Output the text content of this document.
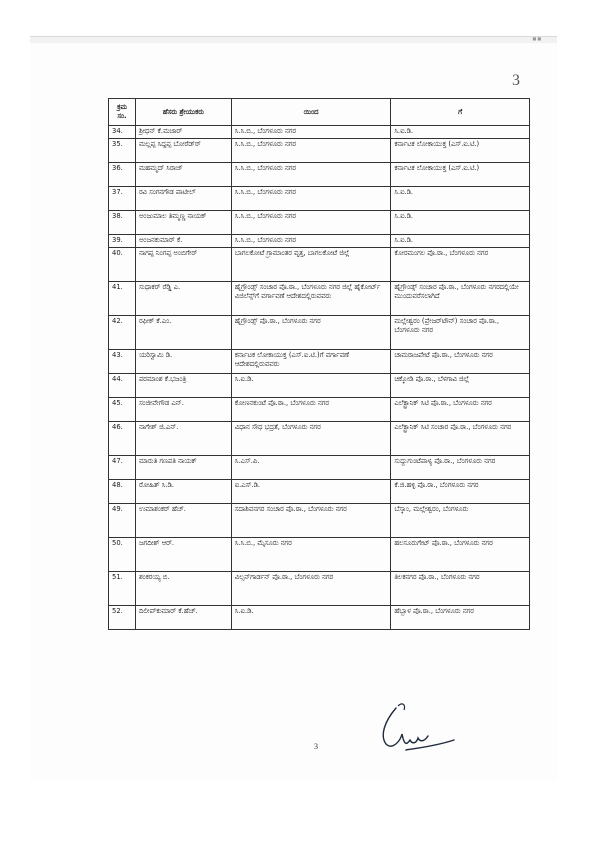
▪▪
3
ಕ್ರಮ ಸಂ.	ಹೆಸರು ಶ್ರೇಯುಕರು	ಯಿಂದ	ಗೆ
34.	ಶ್ರೀಧನ್ ಕೆ.ಮಜಾರ್	ಸಿ.ಸಿ.ಬಿ., ಬೆಂಗಳೂರು ನಗರ	ಸಿ.ಐ.ಡಿ.
35.	ಮಲ್ಲಪ್ಪ ಸಿದ್ದಪ್ಪ ಬೋರೆಡ್‌ರ್	ಸಿ.ಸಿ.ಬಿ., ಬೆಂಗಳೂರು ನಗರ	ಕರ್ನಾಟಕ ಲೋಕಾಯುಕ್ತ (ಎಸ್.ಐ.ಟಿ.)
36.	ಮಹಮ್ಮದ್ ಸಿರಾಜ್	ಸಿ.ಸಿ.ಬಿ., ಬೆಂಗಳೂರು ನಗರ	ಕರ್ನಾಟಕ ಲೋಕಾಯುಕ್ತ (ಎಸ್.ಐ.ಟಿ.)
37.	ರವಿ ಸಂಗನಗೌಡ ಪಾಟೀಲ್	ಸಿ.ಸಿ.ಬಿ., ಬೆಂಗಳೂರು ನಗರ	ಸಿ.ಐ.ಡಿ.
38.	ಅಂಜುಮಾಲ ತಿಮ್ಮಣ್ಣ ನಾಯಕ್	ಸಿ.ಸಿ.ಬಿ., ಬೆಂಗಳೂರು ನಗರ	ಸಿ.ಐ.ಡಿ.
39.	ಅಂಜನಕುಮಾರ್ ಕೆ.	ಸಿ.ಸಿ.ಬಿ., ಬೆಂಗಳೂರು ನಗರ	ಸಿ.ಐ.ಡಿ.
40.	ನಾಗಪ್ಪ ನಿಂಗಪ್ಪ ಅಂಬಿಗೇರ್	ಬಾಗಲಕೋಟೆ ಗ್ರಾಮಾಂತರ ವೃತ್ತ, ಬಾಗಲಕೋಟೆ ಜಿಲ್ಲೆ	ಕೋರಮಂಗಲ ಪೊ.ಠಾ., ಬೆಂಗಳೂರು ನಗರ
41.	ಸುಧಾಕರ್ ರೆಡ್ಡಿ ಎ.	ಹೈಗ್ರೌಂಡ್ಸ್ ಸಂಚಾರ ಪೊ.ಠಾ., ಬೆಂಗಳೂರು ನಗರ ಜಿಲ್ಲೆ ಹೈಕೋರ್ಟ್ ವಿಜಿಲೆನ್ಸ್‌ಗೆ ವರ್ಗಾವಣೆ ಆದೇಶದಲ್ಲಿರುವವರು	ಹೈಗ್ರೌಂಡ್ಸ್ ಸಂಚಾರ ಪೊ.ಠಾ., ಬೆಂಗಳೂರು ನಗರದಲ್ಲಿಯೇ ಮುಂದುವರೆಸಲಾಗಿದೆ
42.	ರಫೀಕ್ ಕೆ.ಎಂ.	ಹೈಗ್ರೌಂಡ್ಸ್ ಪೊ.ಠಾ., ಬೆಂಗಳೂರು ನಗರ	ಮಲ್ಲೇಶ್ವರಂ (ಪ್ರೇಜರ್‌ಟೌನ್) ಸಂಚಾರ ಪೊ.ಠಾ., ಬೆಂಗಳೂರು ನಗರ
43.	ಯರಿಸ್ವಾಮಿ ಡಿ.	ಕರ್ನಾಟಕ ಲೋಕಾಯುಕ್ತ (ಎಸ್.ಐ.ಟಿ.)ಗೆ ವರ್ಗಾವಣೆ ಆದೇಶದಲ್ಲಿರುವವರು	ಚಾಮರಾಜಪೇಟೆ ಪೊ.ಠಾ., ಬೆಂಗಳೂರು ನಗರ
44.	ಪರಮಾಂಶ ಕೆ.ಭಜಂತ್ರಿ	ಸಿ.ಐ.ಡಿ.	ಚಿಕ್ಕೋಡಿ ಪೊ.ಠಾ., ಬೆಳಗಾವಿ ಜಿಲ್ಲೆ
45.	ಸಂಜೀವೇಗೌಡ ಎನ್.	ಕೋಣನಕುಂಟೆ ಪೊ.ಠಾ., ಬೆಂಗಳೂರು ನಗರ	ಎಲೆಕ್ಟ್ರಾನಿಕ್ ಸಿಟಿ ಪೊ.ಠಾ., ಬೆಂಗಳೂರು ನಗರ
46.	ನಾಗೇಶ್ ಜಿ.ಎನ್.	ವಿಧಾನ ಸೌಧ ಭದ್ರತೆ, ಬೆಂಗಳೂರು ನಗರ	ಎಲೆಕ್ಟ್ರಾನಿಕ್ ಸಿಟಿ ಸಂಚಾರ ಪೊ.ಠಾ., ಬೆಂಗಳೂರು ನಗರ
47.	ಮಾರುತಿ ಗಣಪತಿ ನಾಯಕ್	ಸಿ.ಎಸ್.ಪಿ.	ಸುದ್ದುಗುಂಟೆಪಾಳ್ಯ ಪೊ.ಠಾ., ಬೆಂಗಳೂರು ನಗರ
48.	ರೋಹಿತ್ ಸಿ.ಡಿ.	ಐ.ಎಸ್.ಡಿ.	ಕೆ.ಜಿ.ಹಳ್ಳಿ ಪೊ.ಠಾ., ಬೆಂಗಳೂರು ನಗರ
49.	ಉಮಾಶಂಕರ್ ಹೆಚ್.	ಸದಾಶಿವನಗರ ಸಂಚಾರ ಪೊ.ಠಾ., ಬೆಂಗಳೂರು ನಗರ	ಬೆಸ್ಕಾಂ, ಮಲ್ಲೇಶ್ವರಂ, ಬೆಂಗಳೂರು
50.	ಜಗದೀಶ್ ಆರ್.	ಸಿ.ಸಿ.ಬಿ., ಮೈಸೂರು ನಗರ	ಹಲಸೂರುಗೇಟ್ ಪೊ.ಠಾ., ಬೆಂಗಳೂರು ನಗರ
51.	ಶಂಕರಯ್ಯ ಬಿ.	ವಿಲ್ಸನ್‌ಗಾರ್ಡನ್ ಪೊ.ಠಾ., ಬೆಂಗಳೂರು ನಗರ	ತಿಲಕನಗರ ಪೊ.ಠಾ., ಬೆಂಗಳೂರು ನಗರ
52.	ದಿಲೀಪ್‌ಕುಮಾರ್ ಕೆ.ಹೆಚ್.	ಸಿ.ಐ.ಡಿ.	ಹೆಬ್ಬಾಳ ಪೊ.ಠಾ., ಬೆಂಗಳೂರು ನಗರ
3
